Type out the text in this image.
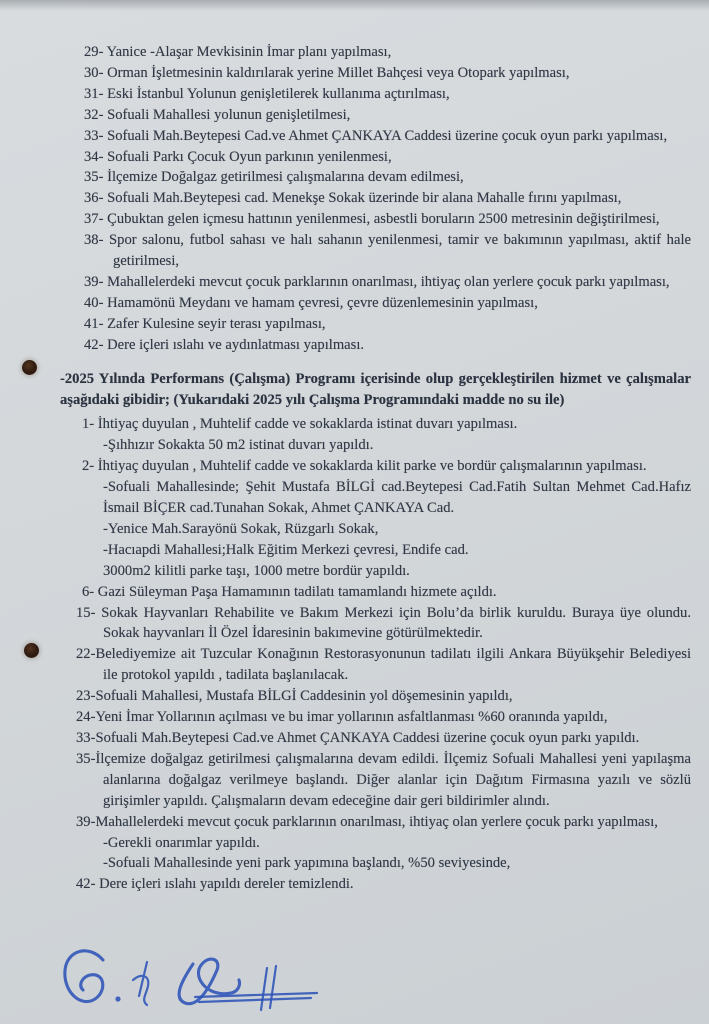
29- Yanice -Alaşar Mevkisinin İmar planı yapılması,

30- Orman İşletmesinin kaldırılarak yerine Millet Bahçesi veya Otopark yapılması,

31- Eski İstanbul Yolunun genişletilerek kullanıma açtırılması,

32- Sofuali Mahallesi yolunun genişletilmesi,

33- Sofuali Mah.Beytepesi Cad.ve Ahmet ÇANKAYA Caddesi üzerine çocuk oyun parkı yapılması,

34- Sofuali Parkı Çocuk Oyun parkının yenilenmesi,

35- İlçemize Doğalgaz getirilmesi çalışmalarına devam edilmesi,

36- Sofuali Mah.Beytepesi cad. Menekşe Sokak üzerinde bir alana Mahalle fırını yapılması,

37- Çubuktan gelen içmesu hattının yenilenmesi, asbestli boruların 2500 metresinin değiştirilmesi,

38- Spor salonu, futbol sahası ve halı sahanın yenilenmesi, tamir ve bakımının yapılması, aktif hale getirilmesi,

39- Mahallelerdeki mevcut çocuk parklarının onarılması, ihtiyaç olan yerlere çocuk parkı yapılması,

40- Hamamönü Meydanı ve hamam çevresi, çevre düzenlemesinin yapılması,

41- Zafer Kulesine seyir terası yapılması,

42- Dere içleri ıslahı ve aydınlatması yapılması.

-2025 Yılında Performans (Çalışma) Programı içerisinde olup gerçekleştirilen hizmet ve çalışmalar aşağıdaki gibidir; (Yukarıdaki 2025 yılı Çalışma Programındaki madde no su ile)

1- İhtiyaç duyulan , Muhtelif cadde ve sokaklarda istinat duvarı yapılması.

-Şıhhızır Sokakta 50 m2 istinat duvarı yapıldı.

2- İhtiyaç duyulan , Muhtelif cadde ve sokaklarda kilit parke ve bordür çalışmalarının yapılması.

-Sofuali Mahallesinde; Şehit Mustafa BİLGİ cad.Beytepesi Cad.Fatih Sultan Mehmet Cad.Hafız İsmail BİÇER cad.Tunahan Sokak, Ahmet ÇANKAYA Cad.

-Yenice Mah.Sarayönü Sokak, Rüzgarlı Sokak,

-Hacıapdi Mahallesi;Halk Eğitim Merkezi çevresi, Endife cad.

3000m2 kilitli parke taşı, 1000 metre bordür yapıldı.

6- Gazi Süleyman Paşa Hamamının tadilatı tamamlandı hizmete açıldı.

15- Sokak Hayvanları Rehabilite ve Bakım Merkezi için Bolu’da birlik kuruldu. Buraya üye olundu. Sokak hayvanları İl Özel İdaresinin bakımevine götürülmektedir.

22-Belediyemize ait Tuzcular Konağının Restorasyonunun tadilatı ilgili Ankara Büyükşehir Belediyesi ile protokol yapıldı , tadilata başlanılacak.

23-Sofuali Mahallesi, Mustafa BİLGİ Caddesinin yol döşemesinin yapıldı,

24-Yeni İmar Yollarının açılması ve bu imar yollarının asfaltlanması %60 oranında yapıldı,

33-Sofuali Mah.Beytepesi Cad.ve Ahmet ÇANKAYA Caddesi üzerine çocuk oyun parkı yapıldı.

35-İlçemize doğalgaz getirilmesi çalışmalarına devam edildi. İlçemiz Sofuali Mahallesi yeni yapılaşma alanlarına doğalgaz verilmeye başlandı. Diğer alanlar için Dağıtım Firmasına yazılı ve sözlü girişimler yapıldı. Çalışmaların devam edeceğine dair geri bildirimler alındı.

39-Mahallelerdeki mevcut çocuk parklarının onarılması, ihtiyaç olan yerlere çocuk parkı yapılması,

-Gerekli onarımlar yapıldı.

-Sofuali Mahallesinde yeni park yapımına başlandı, %50 seviyesinde,

42- Dere içleri ıslahı yapıldı dereler temizlendi.
